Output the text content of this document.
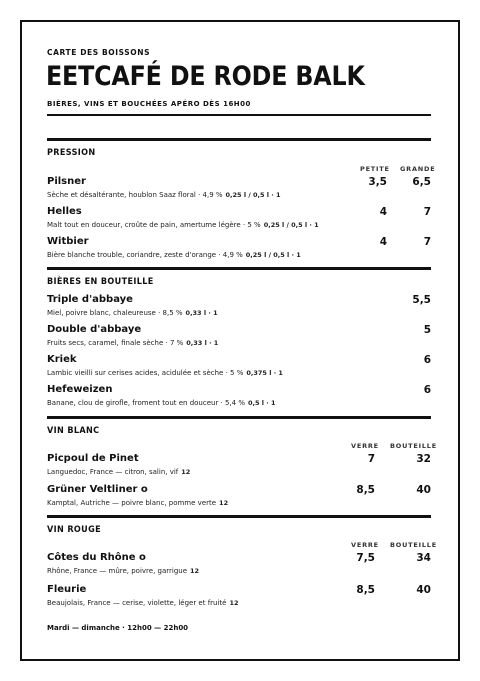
CARTE DES BOISSONS
EETCAFÉ DE RODE BALK
BIÈRES, VINS ET BOUCHÉES APÉRO DÈS 16H00
PRESSION
PETITE GRANDE
Pilsner
Sèche et désaltérante, houblon Saaz floral · 4,9 % 0,25 l / 0,5 l · 1
3,5 6,5
Helles
Malt tout en douceur, croûte de pain, amertume légère · 5 % 0,25 l / 0,5 l · 1
4	7
Witbier
Bière blanche trouble, coriandre, zeste d'orange · 4,9 % 0,25 l / 0,5 l · 1
4	7
BIÈRES EN BOUTEILLE
Triple d'abbaye
Miel, poivre blanc, chaleureuse · 8,5 % 0,33 l · 1
5,5
Double d'abbaye
Fruits secs, caramel, finale sèche · 7 % 0,33 l · 1
5
Kriek
Lambic vieilli sur cerises acides, acidulée et sèche · 5 % 0,375 l · 1
6
Hefeweizen
Banane, clou de girofle, froment tout en douceur · 5,4 % 0,5 l · 1
6
VIN BLANC
VERRE BOUTEILLE
Picpoul de Pinet
Languedoc, France — citron, salin, vif 12
7	32
Grüner Veltliner o
Kamptal, Autriche — poivre blanc, pomme verte 12
8,5	40
VIN ROUGE
VERRE BOUTEILLE
Côtes du Rhône o
Rhône, France — mûre, poivre, garrigue 12
7,5	34
Fleurie
Beaujolais, France — cerise, violette, léger et fruité 12
8,5	40
Mardi — dimanche · 12h00 — 22h00
